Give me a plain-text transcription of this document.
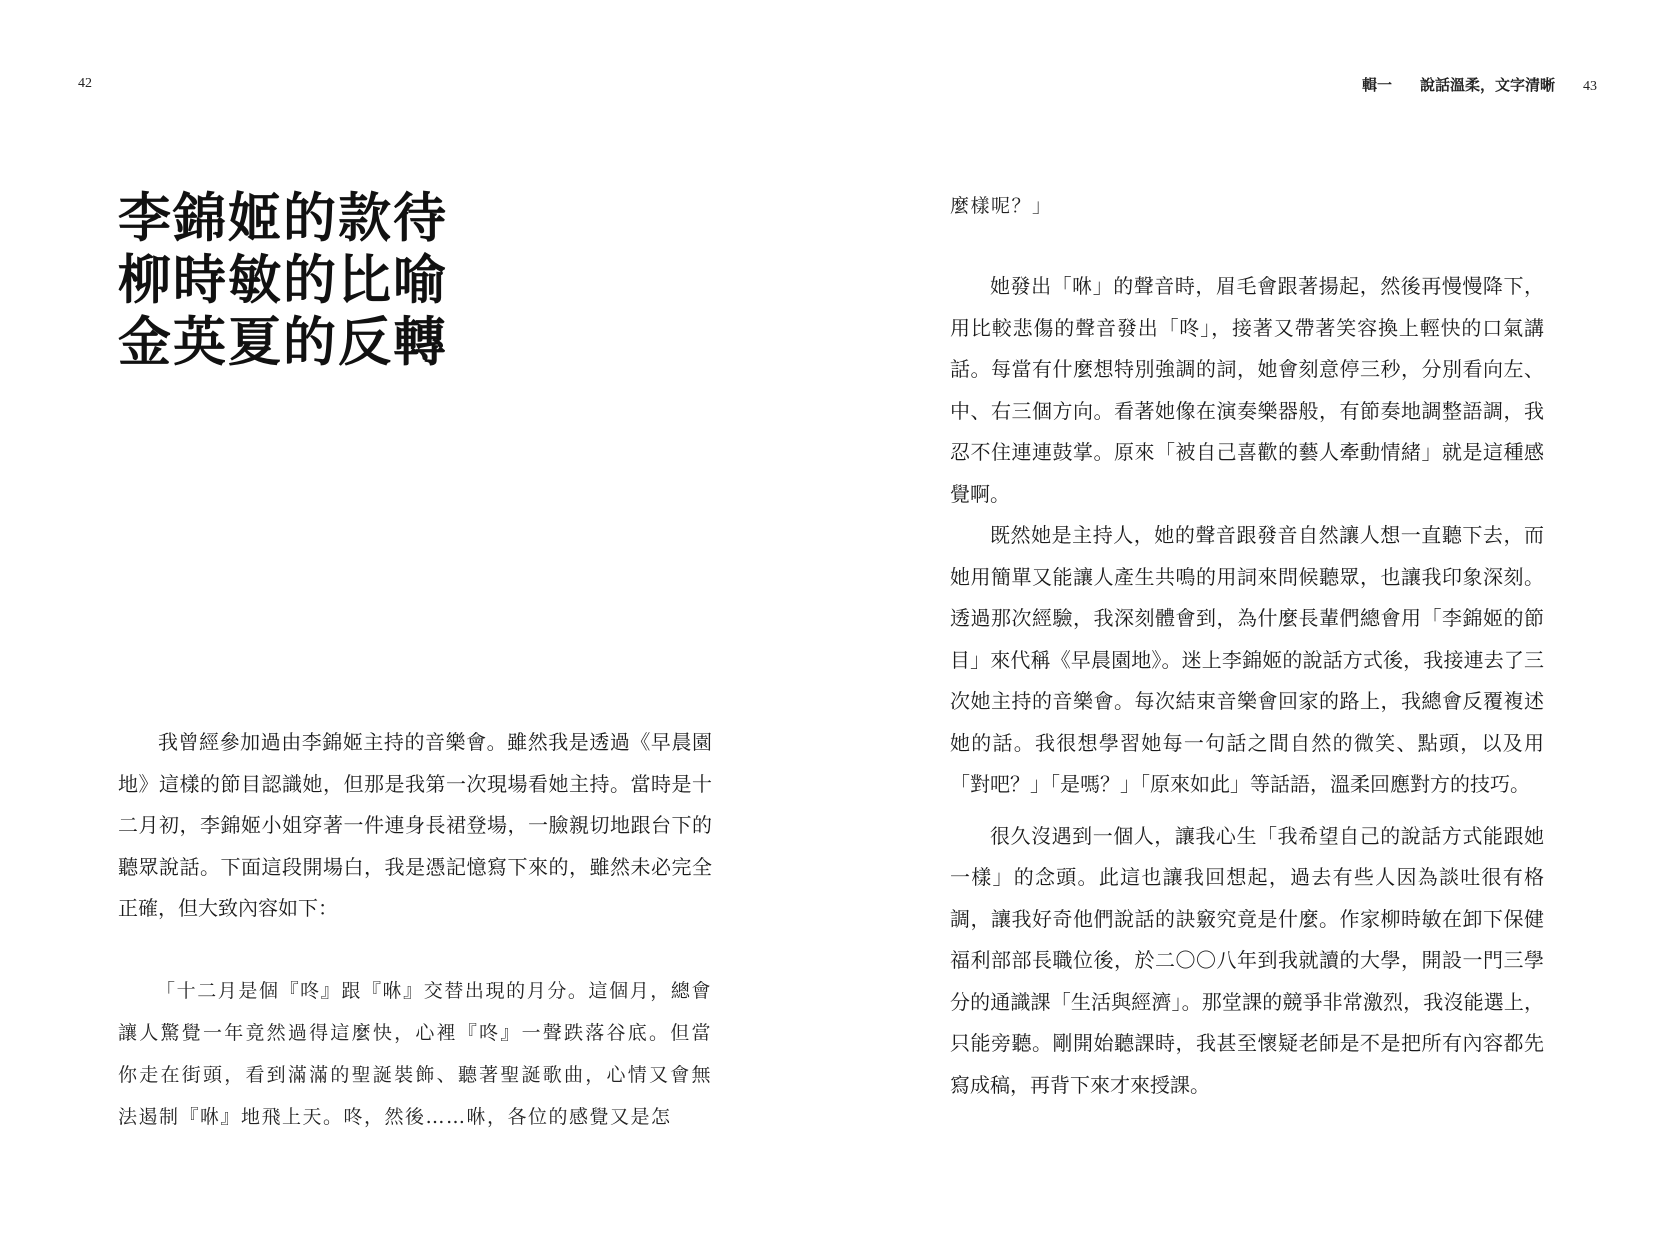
42
李錦姬的款待
柳時敏的比喻
金英夏的反轉

我曾經參加過由李錦姬主持的音樂會。雖然我是透過《早晨園地》這樣的節目認識她，但那是我第一次現場看她主持。當時是十二月初，李錦姬小姐穿著一件連身長裙登場，一臉親切地跟台下的聽眾說話。下面這段開場白，我是憑記憶寫下來的，雖然未必完全正確，但大致內容如下：

「十二月是個『咚』跟『咻』交替出現的月分。這個月，總會讓人驚覺一年竟然過得這麼快，心裡『咚』一聲跌落谷底。但當你走在街頭，看到滿滿的聖誕裝飾、聽著聖誕歌曲，心情又會無法遏制『咻』地飛上天。咚，然後……咻，各位的感覺又是怎

輯一 說話溫柔，文字清晰 43
麼樣呢？」

她發出「咻」的聲音時，眉毛會跟著揚起，然後再慢慢降下，用比較悲傷的聲音發出「咚」，接著又帶著笑容換上輕快的口氣講話。每當有什麼想特別強調的詞，她會刻意停三秒，分別看向左、中、右三個方向。看著她像在演奏樂器般，有節奏地調整語調，我忍不住連連鼓掌。原來「被自己喜歡的藝人牽動情緒」就是這種感覺啊。

既然她是主持人，她的聲音跟發音自然讓人想一直聽下去，而她用簡單又能讓人產生共鳴的用詞來問候聽眾，也讓我印象深刻。透過那次經驗，我深刻體會到，為什麼長輩們總會用「李錦姬的節目」來代稱《早晨園地》。迷上李錦姬的說話方式後，我接連去了三次她主持的音樂會。每次結束音樂會回家的路上，我總會反覆複述她的話。我很想學習她每一句話之間自然的微笑、點頭，以及用「對吧？」「是嗎？」「原來如此」等話語，溫柔回應對方的技巧。

很久沒遇到一個人，讓我心生「我希望自己的說話方式能跟她一樣」的念頭。此這也讓我回想起，過去有些人因為談吐很有格調，讓我好奇他們說話的訣竅究竟是什麼。作家柳時敏在卸下保健福利部部長職位後，於二〇〇八年到我就讀的大學，開設一門三學分的通識課「生活與經濟」。那堂課的競爭非常激烈，我沒能選上，只能旁聽。剛開始聽課時，我甚至懷疑老師是不是把所有內容都先寫成稿，再背下來才來授課。
